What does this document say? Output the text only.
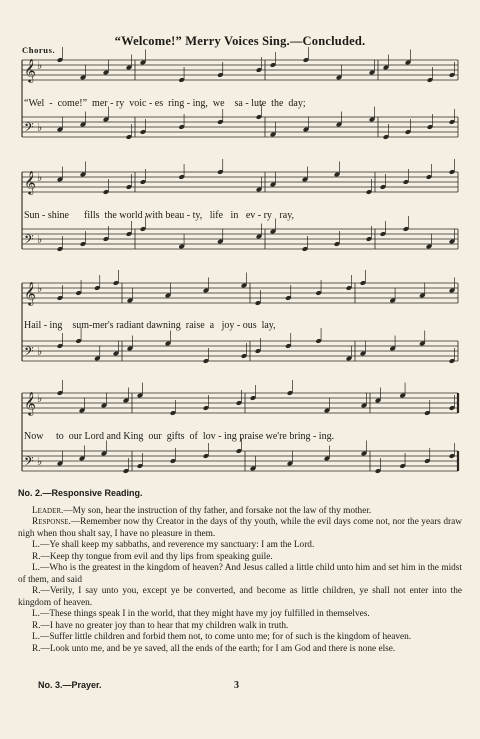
“Welcome!” Merry Voices Sing.—Concluded.
Chorus.
𝄞 ♭
𝄢 ♭
𝄞 ♭
𝄢 ♭
𝄞 ♭
𝄢 ♭
𝄞 ♭
𝄢 ♭
“Wel  -  come!”  mer - ry  voic - es  ring - ing,  we    sa - lute  the  day;
Sun - shine      fills  the world with beau - ty,   life   in   ev - ry   ray,
Hail - ing    sum-mer's radiant dawning  raise  a   joy - ous  lay,
Now     to  our Lord and King  our  gifts  of  lov - ing praise we're bring - ing.

No. 2.—Responsive Reading.

Leader.—My son, hear the instruction of thy father, and forsake not the law of thy mother.

Response.—Remember now thy Creator in the days of thy youth, while the evil days come not, nor the years draw nigh when thou shalt say, I have no pleasure in them.

L.—Ye shall keep my sabbaths, and reverence my sanctuary: I am the Lord.

R.—Keep thy tongue from evil and thy lips from speaking guile.

L.—Who is the greatest in the kingdom of heaven? And Jesus called a little child unto him and set him in the midst of them, and said

R.—Verily, I say unto you, except ye be converted, and become as little children, ye shall not enter into the kingdom of heaven.

L.—These things speak I in the world, that they might have my joy fulfilled in themselves.

R.—I have no greater joy than to hear that my children walk in truth.

L.—Suffer little children and forbid them not, to come unto me; for of such is the kingdom of heaven.

R.—Look unto me, and be ye saved, all the ends of the earth; for I am God and there is none else.

No. 3.—Prayer.	3
